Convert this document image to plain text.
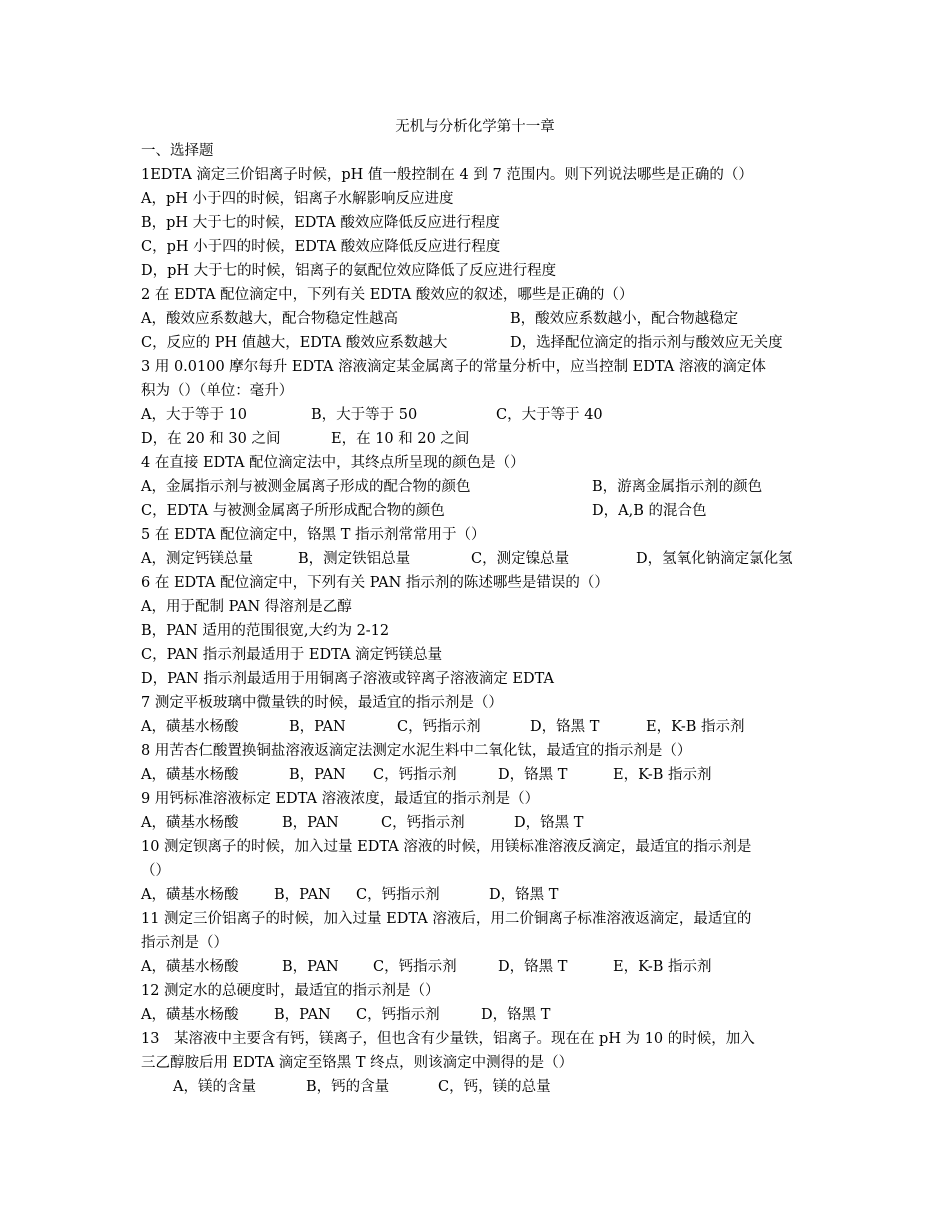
无机与分析化学第十一章
一、选择题
1EDTA 滴定三价铝离子时候，pH 值一般控制在 4 到 7 范围内。则下列说法哪些是正确的（）
A，pH 小于四的时候，铝离子水解影响反应进度
B，pH 大于七的时候，EDTA 酸效应降低反应进行程度
C，pH 小于四的时候，EDTA 酸效应降低反应进行程度
D，pH 大于七的时候，铝离子的氨配位效应降低了反应进行程度
2 在 EDTA 配位滴定中，下列有关 EDTA 酸效应的叙述，哪些是正确的（）

A，酸效应系数越大，配合物稳定性越高

	B，酸效应系数越小，配合物越稳定

C，反应的 PH 值越大，EDTA 酸效应系数越大

	D，选择配位滴定的指示剂与酸效应无关度

3 用 0.0100 摩尔每升 EDTA 溶液滴定某金属离子的常量分析中，应当控制 EDTA 溶液的滴定体
积为（）（单位：毫升）

A，大于等于 10

	B，大于等于 50

	C，大于等于 40

D，在 20 和 30 之间

	E，在 10 和 20 之间

4 在直接 EDTA 配位滴定法中，其终点所呈现的颜色是（）

A，金属指示剂与被测金属离子形成的配合物的颜色

	B，游离金属指示剂的颜色

C，EDTA 与被测金属离子所形成配合物的颜色

	D，A,B 的混合色

5 在 EDTA 配位滴定中，铬黑 T 指示剂常常用于（）

A，测定钙镁总量

	B，测定铁铝总量

	C，测定镍总量

	D，氢氧化钠滴定氯化氢

6 在 EDTA 配位滴定中，下列有关 PAN 指示剂的陈述哪些是错误的（）
A，用于配制 PAN 得溶剂是乙醇
B，PAN 适用的范围很宽,大约为 2-12
C，PAN 指示剂最适用于 EDTA 滴定钙镁总量
D，PAN 指示剂最适用于用铜离子溶液或锌离子溶液滴定 EDTA
7 测定平板玻璃中微量铁的时候，最适宜的指示剂是（）

A，磺基水杨酸

	B，PAN

	C，钙指示剂

	D，铬黑 T

	E，K-B 指示剂

8 用苦杏仁酸置换铜盐溶液返滴定法测定水泥生料中二氧化钛，最适宜的指示剂是（）

A，磺基水杨酸

	B，PAN

C，钙指示剂

	D，铬黑 T

	E，K-B 指示剂

9 用钙标准溶液标定 EDTA 溶液浓度，最适宜的指示剂是（）

A，磺基水杨酸

	B，PAN

	C，钙指示剂

	D，铬黑 T

10 测定钡离子的时候，加入过量 EDTA 溶液的时候，用镁标准溶液反滴定，最适宜的指示剂是
（）

A，磺基水杨酸

B，PAN

C，钙指示剂

	D，铬黑 T

11 测定三价铝离子的时候，加入过量 EDTA 溶液后，用二价铜离子标准溶液返滴定，最适宜的
指示剂是（）

A，磺基水杨酸

	B，PAN

C，钙指示剂

	D，铬黑 T

	E，K-B 指示剂

12 测定水的总硬度时，最适宜的指示剂是（）

A，磺基水杨酸

B，PAN

C，钙指示剂

	D，铬黑 T

13　某溶液中主要含有钙，镁离子，但也含有少量铁，铝离子。现在在 pH 为 10 的时候，加入
三乙醇胺后用 EDTA 滴定至铬黑 T 终点，则该滴定中测得的是（）

A，镁的含量

	B，钙的含量

	C，钙，镁的总量
